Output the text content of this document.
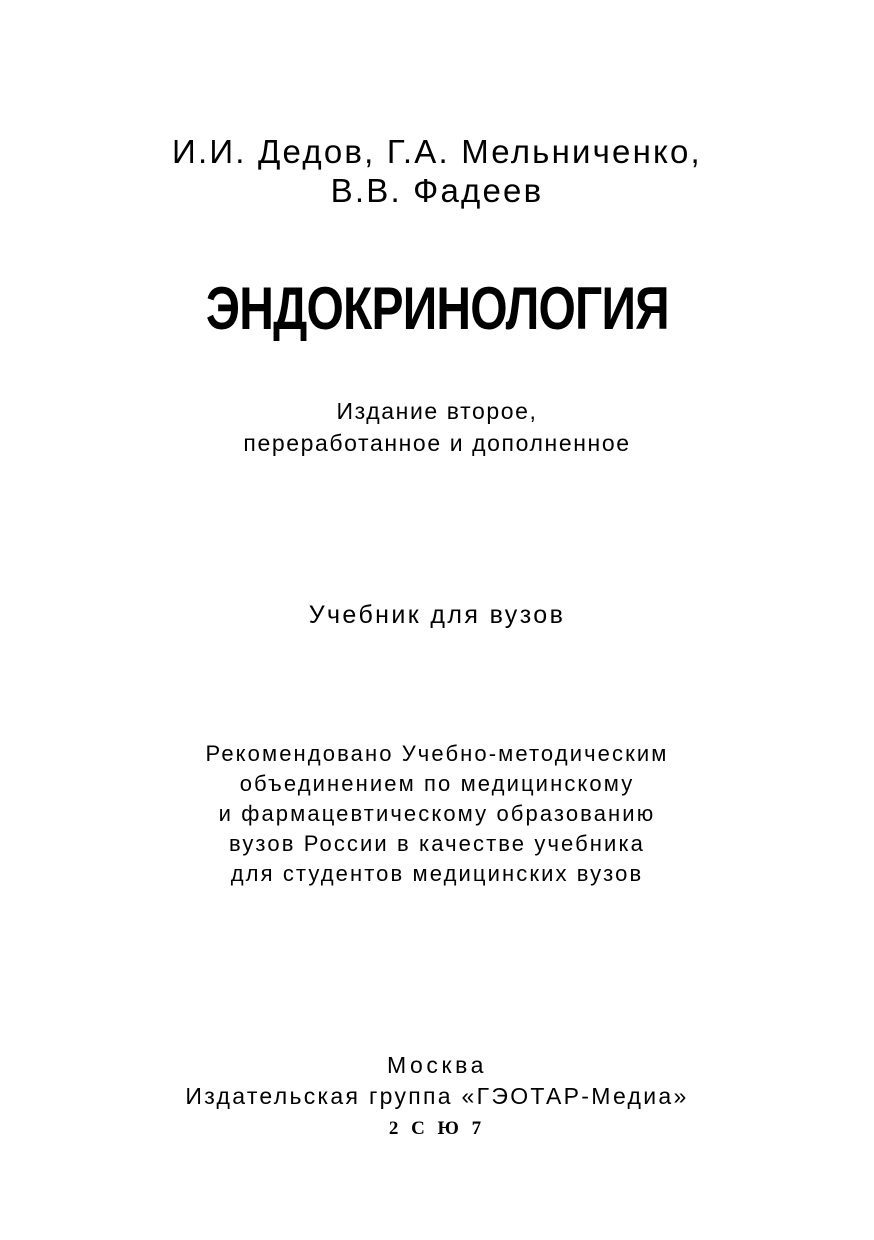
И.И. Дедов, Г.А. Мельниченко,
В.В. Фадеев
ЭНДОКРИНОЛОГИЯ
Издание второе,
переработанное и дополненное
Учебник для вузов
Рекомендовано Учебно-методическим
объединением по медицинскому
и фармацевтическому образованию
вузов России в качестве учебника
для студентов медицинских вузов
Москва
Издательская группа «ГЭОТАР-Медиа»
2 С Ю 7
